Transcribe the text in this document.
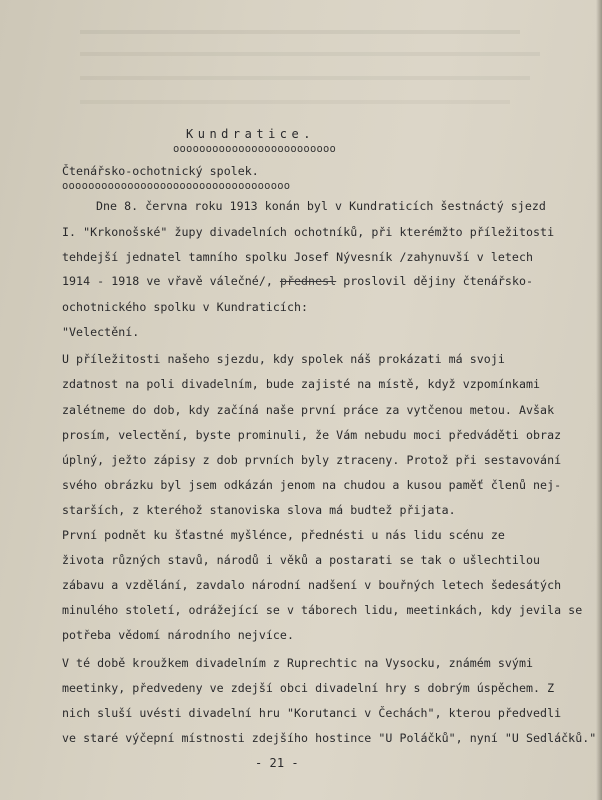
Kundratice.
ooooooooooooooooooooooooo
Čtenářsko-ochotnický spolek.
ooooooooooooooooooooooooooooooooooo
Dne 8. června roku 1913 konán byl v Kundraticích šestnáctý sjezd
I. "Krkonošské" župy divadelních ochotníků, při kterémžto příležitosti
tehdejší jednatel tamního spolku Josef Nývesník /zahynuvší v letech
1914 - 1918 ve vřavě válečné/, přednesl proslovil dějiny čtenářsko-
ochotnického spolku v Kundraticích:
"Velectění.
U příležitosti našeho sjezdu, kdy spolek náš prokázati má svoji
zdatnost na poli divadelním, bude zajisté na místě, když vzpomínkami
zalétneme do dob, kdy začíná naše první práce za vytčenou metou. Avšak
prosím, velectění, byste prominuli, že Vám nebudu moci předváděti obraz
úplný, ježto zápisy z dob prvních byly ztraceny. Protož při sestavování
svého obrázku byl jsem odkázán jenom na chudou a kusou paměť členů nej-
starších, z kteréhož stanoviska slova má budtež přijata.
První podnět ku šťastné myšlénce, přednésti u nás lidu scénu ze
života různých stavů, národů i věků a postarati se tak o ušlechtilou
zábavu a vzdělání, zavdalo národní nadšení v bouřných letech šedesátých
minulého století, odrážející se v táborech lidu, meetinkách, kdy jevila se
potřeba vědomí národního nejvíce.
V té době kroužkem divadelním z Ruprechtic na Vysocku, známém svými
meetinky, předvedeny ve zdejší obci divadelní hry s dobrým úspěchem. Z
nich sluší uvésti divadelní hru "Korutanci v Čechách", kterou předvedli
ve staré výčepní místnosti zdejšího hostince "U Poláčků", nyní "U Sedláčků."
- 21 -
